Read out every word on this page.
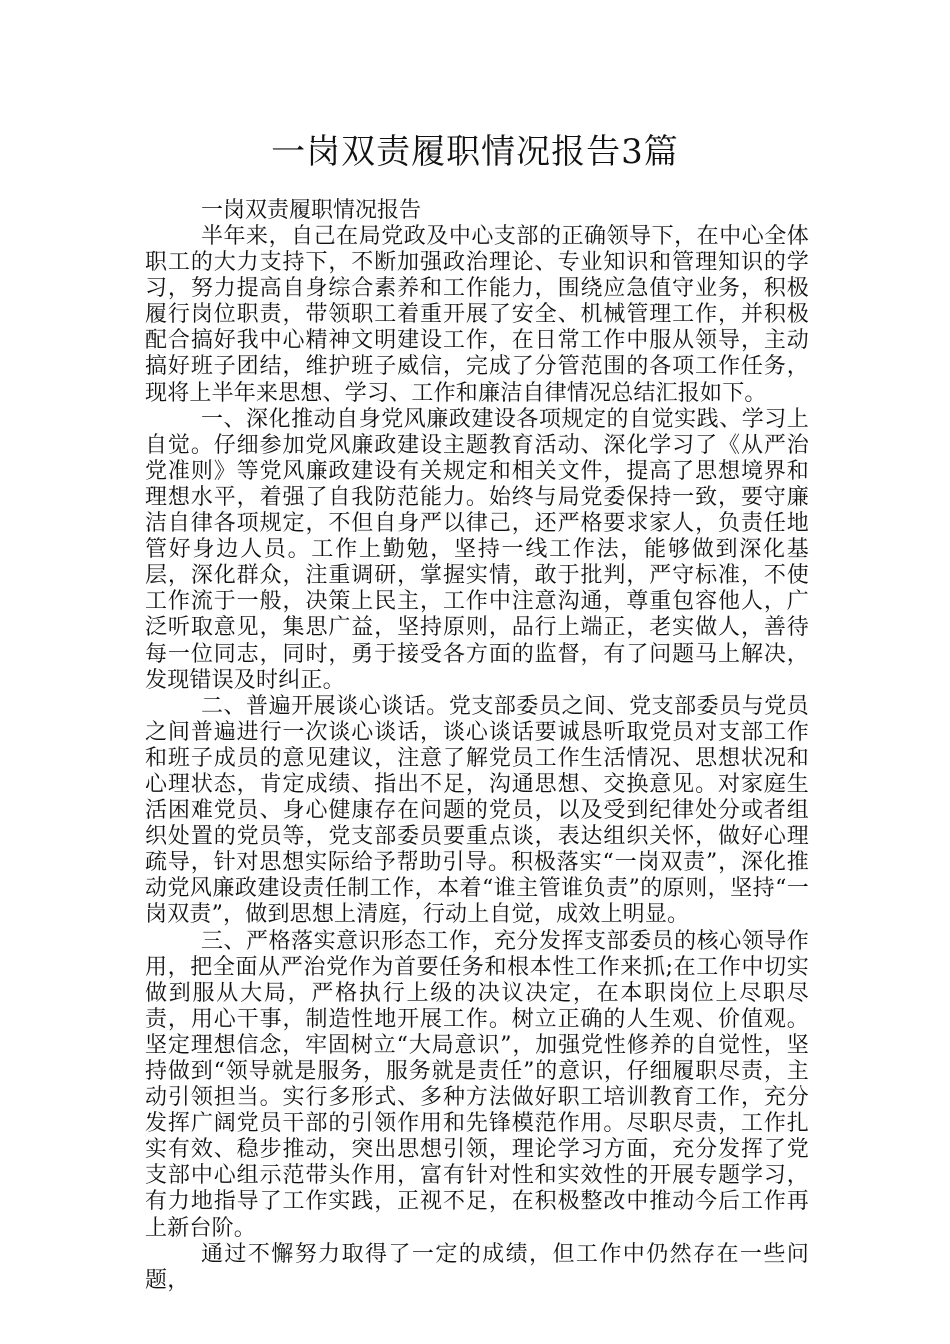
一岗双责履职情况报告3篇

一岗双责履职情况报告

半年来，自己在局党政及中心支部的正确领导下，在中心全体职工的大力支持下，不断加强政治理论、专业知识和管理知识的学习，努力提高自身综合素养和工作能力，围绕应急值守业务，积极履行岗位职责，带领职工着重开展了安全、机械管理工作，并积极配合搞好我中心精神文明建设工作，在日常工作中服从领导，主动搞好班子团结，维护班子威信，完成了分管范围的各项工作任务，现将上半年来思想、学习、工作和廉洁自律情况总结汇报如下。

一、深化推动自身党风廉政建设各项规定的自觉实践、学习上自觉。仔细参加党风廉政建设主题教育活动、深化学习了《从严治党准则》等党风廉政建设有关规定和相关文件，提高了思想境界和理想水平，着强了自我防范能力。始终与局党委保持一致，要守廉洁自律各项规定，不但自身严以律己，还严格要求家人，负责任地管好身边人员。工作上勤勉，坚持一线工作法，能够做到深化基层，深化群众，注重调研，掌握实情，敢于批判，严守标准，不使工作流于一般，决策上民主，工作中注意沟通，尊重包容他人，广泛听取意见，集思广益，坚持原则，品行上端正，老实做人，善待每一位同志，同时，勇于接受各方面的监督，有了问题马上解决，发现错误及时纠正。

二、普遍开展谈心谈话。党支部委员之间、党支部委员与党员之间普遍进行一次谈心谈话，谈心谈话要诚恳听取党员对支部工作和班子成员的意见建议，注意了解党员工作生活情况、思想状况和心理状态，肯定成绩、指出不足，沟通思想、交换意见。对家庭生活困难党员、身心健康存在问题的党员，以及受到纪律处分或者组织处置的党员等，党支部委员要重点谈，表达组织关怀，做好心理疏导，针对思想实际给予帮助引导。积极落实“一岗双责”，深化推动党风廉政建设责任制工作，本着“谁主管谁负责”的原则，坚持“一岗双责”，做到思想上清庭，行动上自觉，成效上明显。

三、严格落实意识形态工作，充分发挥支部委员的核心领导作用，把全面从严治党作为首要任务和根本性工作来抓;在工作中切实做到服从大局，严格执行上级的决议决定，在本职岗位上尽职尽责，用心干事，制造性地开展工作。树立正确的人生观、价值观。坚定理想信念，牢固树立“大局意识”，加强党性修养的自觉性，坚持做到“领导就是服务，服务就是责任”的意识，仔细履职尽责，主动引领担当。实行多形式、多种方法做好职工培训教育工作，充分发挥广阔党员干部的引领作用和先锋模范作用。尽职尽责，工作扎实有效、稳步推动，突出思想引领，理论学习方面，充分发挥了党支部中心组示范带头作用，富有针对性和实效性的开展专题学习，有力地指导了工作实践，正视不足，在积极整改中推动今后工作再上新台阶。

通过不懈努力取得了一定的成绩，但工作中仍然存在一些问题，
